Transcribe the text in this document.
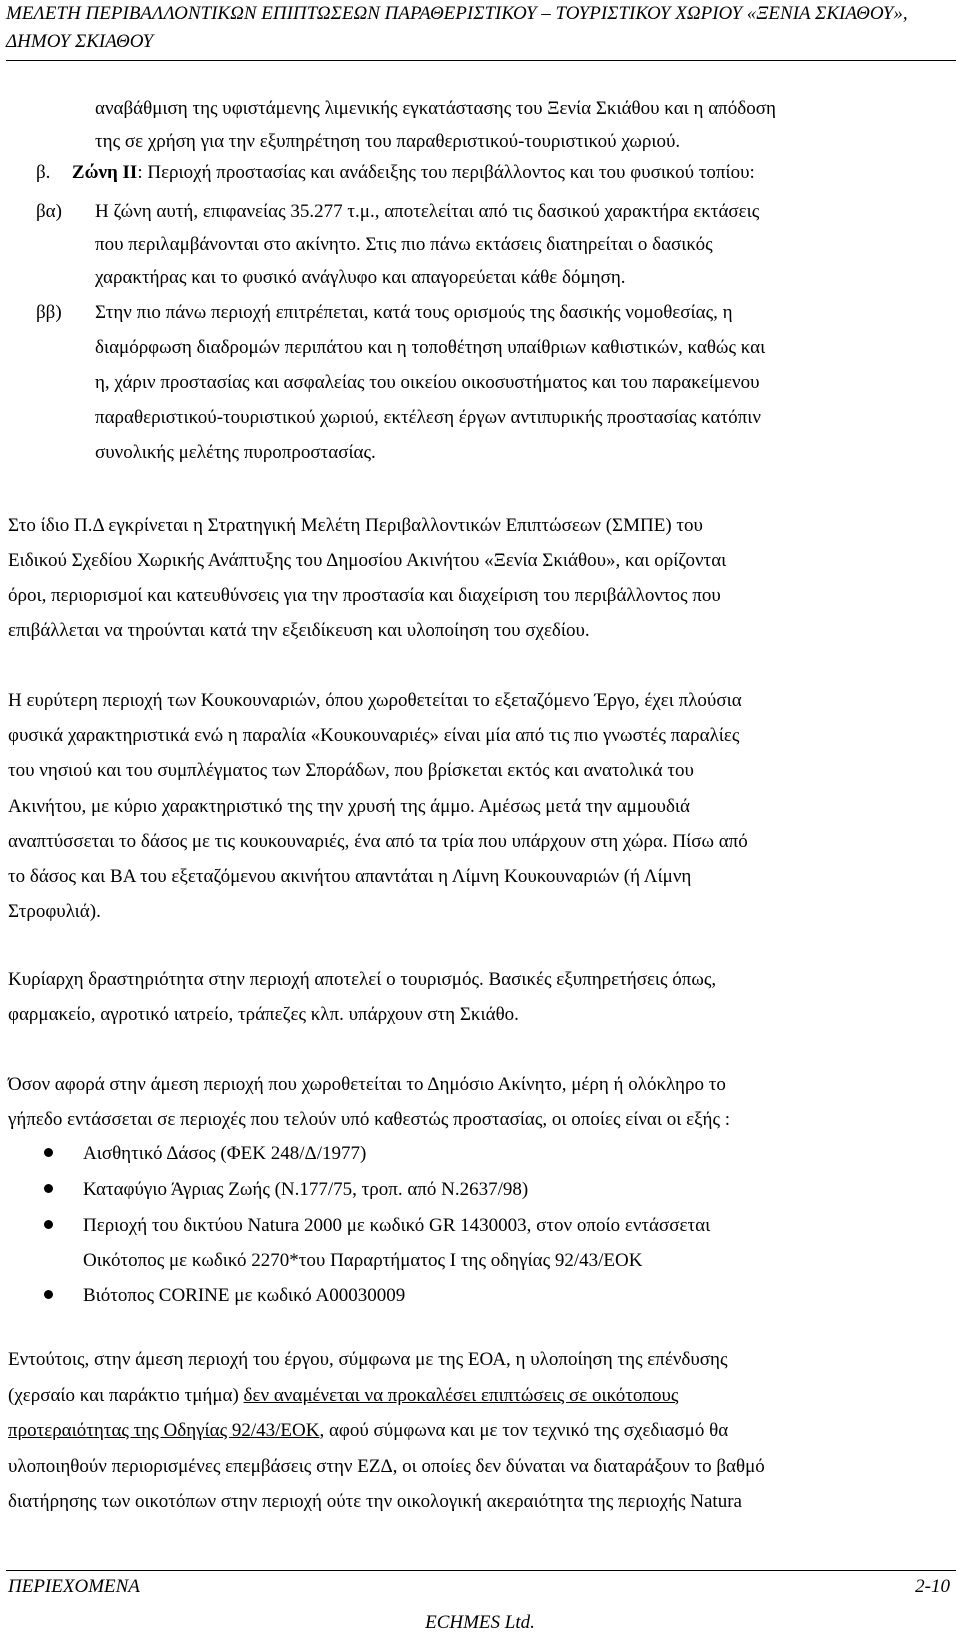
ΜΕΛΕΤΗ ΠΕΡΙΒΑΛΛΟΝΤΙΚΩΝ ΕΠΙΠΤΩΣΕΩΝ ΠΑΡΑΘΕΡΙΣΤΙΚΟΥ – ΤΟΥΡΙΣΤΙΚΟΥ ΧΩΡΙΟΥ «ΞΕΝΙΑ ΣΚΙΑΘΟΥ»,
ΔΗΜΟΥ ΣΚΙΑΘΟΥ
αναβάθμιση της υφιστάμενης λιμενικής εγκατάστασης του Ξενία Σκιάθου και η απόδοση
της σε χρήση για την εξυπηρέτηση του παραθεριστικού-τουριστικού χωριού.
β. Ζώνη ΙΙ: Περιοχή προστασίας και ανάδειξης του περιβάλλοντος και του φυσικού τοπίου:
βα) Η ζώνη αυτή, επιφανείας 35.277 τ.μ., αποτελείται από τις δασικού χαρακτήρα εκτάσεις
που περιλαμβάνονται στο ακίνητο. Στις πιο πάνω εκτάσεις διατηρείται ο δασικός
χαρακτήρας και το φυσικό ανάγλυφο και απαγορεύεται κάθε δόμηση.
ββ) Στην πιο πάνω περιοχή επιτρέπεται, κατά τους ορισμούς της δασικής νομοθεσίας, η
διαμόρφωση διαδρομών περιπάτου και η τοποθέτηση υπαίθριων καθιστικών, καθώς και
η, χάριν προστασίας και ασφαλείας του οικείου οικοσυστήματος και του παρακείμενου
παραθεριστικού-τουριστικού χωριού, εκτέλεση έργων αντιπυρικής προστασίας κατόπιν
συνολικής μελέτης πυροπροστασίας.
Στο ίδιο Π.Δ εγκρίνεται η Στρατηγική Μελέτη Περιβαλλοντικών Επιπτώσεων (ΣΜΠΕ) του
Ειδικού Σχεδίου Χωρικής Ανάπτυξης του Δημοσίου Ακινήτου «Ξενία Σκιάθου», και ορίζονται
όροι, περιορισμοί και κατευθύνσεις για την προστασία και διαχείριση του περιβάλλοντος που
επιβάλλεται να τηρούνται κατά την εξειδίκευση και υλοποίηση του σχεδίου.
Η ευρύτερη περιοχή των Κουκουναριών, όπου χωροθετείται το εξεταζόμενο Έργο, έχει πλούσια
φυσικά χαρακτηριστικά ενώ η παραλία «Κουκουναριές» είναι μία από τις πιο γνωστές παραλίες
του νησιού και του συμπλέγματος των Σποράδων, που βρίσκεται εκτός και ανατολικά του
Ακινήτου, με κύριο χαρακτηριστικό της την χρυσή της άμμο. Αμέσως μετά την αμμουδιά
αναπτύσσεται το δάσος με τις κουκουναριές, ένα από τα τρία που υπάρχουν στη χώρα. Πίσω από
το δάσος και ΒΑ του εξεταζόμενου ακινήτου απαντάται η Λίμνη Κουκουναριών (ή Λίμνη
Στροφυλιά).
Κυρίαρχη δραστηριότητα στην περιοχή αποτελεί ο τουρισμός. Βασικές εξυπηρετήσεις όπως,
φαρμακείο, αγροτικό ιατρείο, τράπεζες κλπ. υπάρχουν στη Σκιάθο.
Όσον αφορά στην άμεση περιοχή που χωροθετείται το Δημόσιο Ακίνητο, μέρη ή ολόκληρο το
γήπεδο εντάσσεται σε περιοχές που τελούν υπό καθεστώς προστασίας, οι οποίες είναι οι εξής :
Αισθητικό Δάσος (ΦΕΚ 248/Δ/1977)
Καταφύγιο Άγριας Ζωής (Ν.177/75, τροπ. από Ν.2637/98)
Περιοχή του δικτύου Natura 2000 με κωδικό GR 1430003, στον οποίο εντάσσεται
Οικότοπος με κωδικό 2270*του Παραρτήματος Ι της οδηγίας 92/43/ΕΟΚ
Βιότοπος CORINE με κωδικό Α00030009
Εντούτοις, στην άμεση περιοχή του έργου, σύμφωνα με της ΕΟΑ, η υλοποίηση της επένδυσης
(χερσαίο και παράκτιο τμήμα) δεν αναμένεται να προκαλέσει επιπτώσεις σε οικότοπους
προτεραιότητας της Οδηγίας 92/43/ΕΟΚ, αφού σύμφωνα και με τον τεχνικό της σχεδιασμό θα
υλοποιηθούν περιορισμένες επεμβάσεις στην ΕΖΔ, οι οποίες δεν δύναται να διαταράξουν το βαθμό
διατήρησης των οικοτόπων στην περιοχή ούτε την οικολογική ακεραιότητα της περιοχής Natura
ΠΕΡΙΕΧΟΜΕΝΑ	2-10
ECHMES Ltd.
